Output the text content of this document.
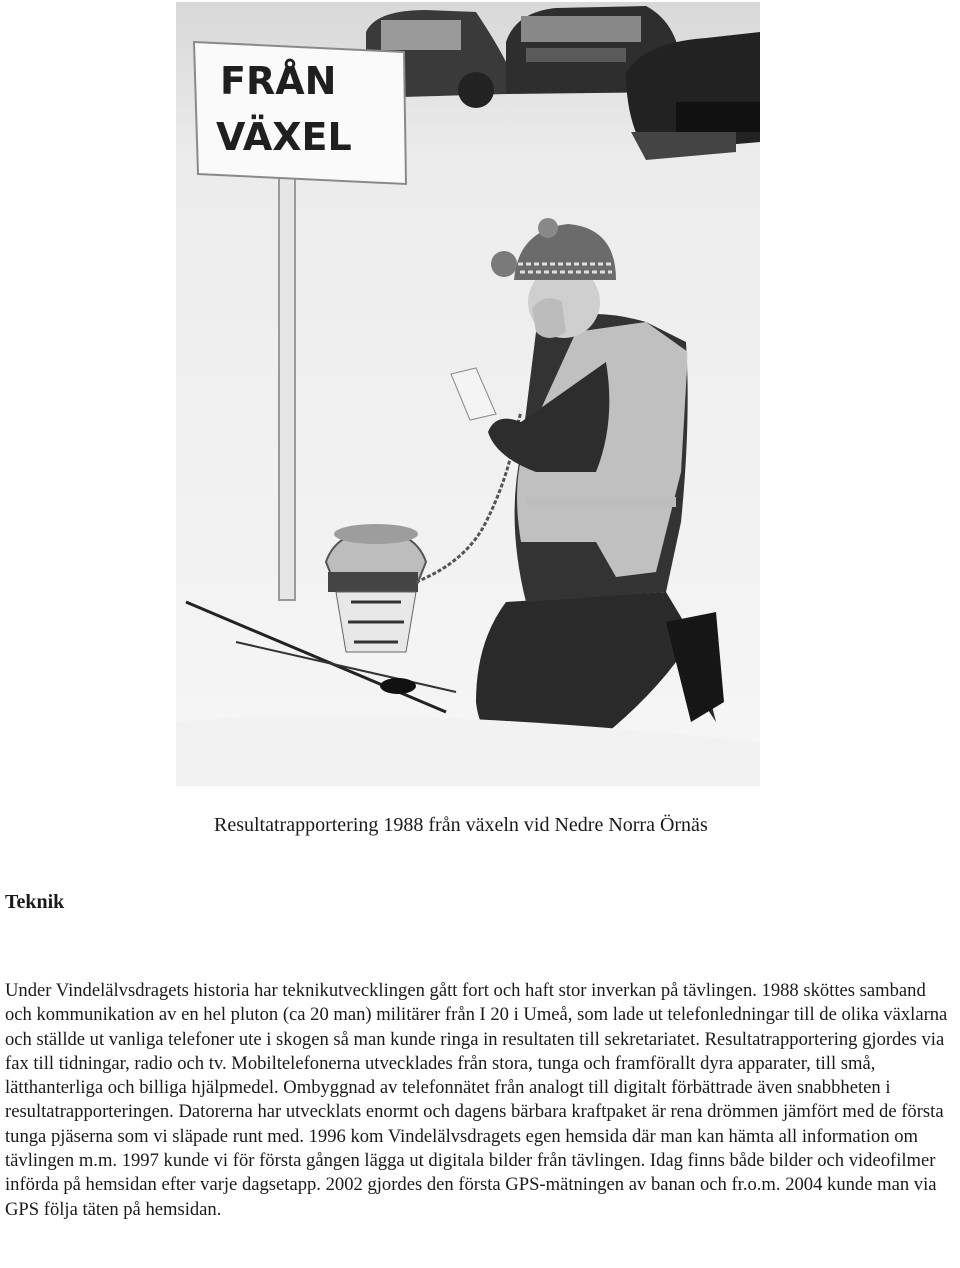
FRÅN
VÄXEL
Resultatrapportering 1988 från växeln vid Nedre Norra Örnäs
Teknik

Under Vindelälvsdragets historia har teknikutvecklingen gått fort och haft stor inverkan på tävlingen. 1988 sköttes samband och kommunikation av en hel pluton (ca 20 man) militärer från I 20 i Umeå, som lade ut telefonledningar till de olika växlarna och ställde ut vanliga telefoner ute i skogen så man kunde ringa in resultaten till sekretariatet. Resultatrapportering gjordes via fax till tidningar, radio och tv. Mobiltelefonerna utvecklades från stora, tunga och framförallt dyra apparater, till små, lätthanterliga och billiga hjälpmedel. Ombyggnad av telefonnätet från analogt till digitalt förbättrade även snabbheten i resultatrapporteringen. Datorerna har utvecklats enormt och dagens bärbara kraftpaket är rena drömmen jämfört med de första tunga pjäserna som vi släpade runt med. 1996 kom Vindelälvsdragets egen hemsida där man kan hämta all information om tävlingen m.m. 1997 kunde vi för första gången lägga ut digitala bilder från tävlingen. Idag finns både bilder och videofilmer införda på hemsidan efter varje dagsetapp. 2002 gjordes den första GPS-mätningen av banan och fr.o.m. 2004 kunde man via GPS följa täten på hemsidan.
